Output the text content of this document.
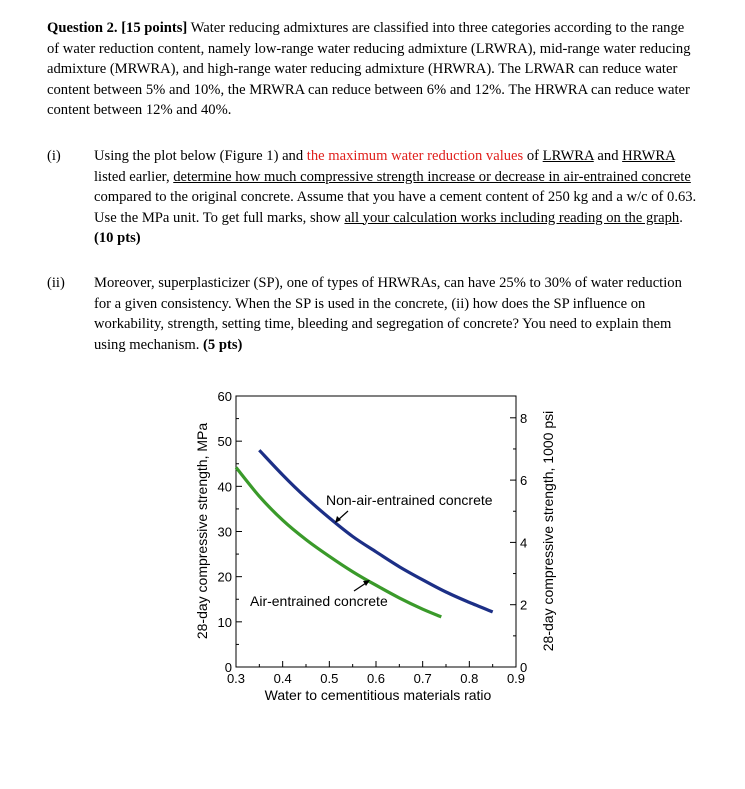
Question 2. [15 points] Water reducing admixtures are classified into three categories according to the range of water reduction content, namely low-range water reducing admixture (LRWRA), mid-range water reducing admixture (MRWRA), and high-range water reducing admixture (HRWRA). The LRWAR can reduce water content between 5% and 10%, the MRWRA can reduce between 6% and 12%. The HRWRA can reduce water content between 12% and 40%.
(i) Using the plot below (Figure 1) and the maximum water reduction values of LRWRA and HRWRA listed earlier, determine how much compressive strength increase or decrease in air-entrained concrete compared to the original concrete. Assume that you have a cement content of 250 kg and a w/c of 0.63. Use the MPa unit. To get full marks, show all your calculation works including reading on the graph. (10 pts)
(ii) Moreover, superplasticizer (SP), one of types of HRWRAs, can have 25% to 30% of water reduction for a given consistency. When the SP is used in the concrete, (ii) how does the SP influence on workability, strength, setting time, bleeding and segregation of concrete? You need to explain them using mechanism. (5 pts)
0
10
20
30
40
50
60
0
2
4
6
8
0.3 0.4 0.5 0.6 0.7 0.8 0.9
Non-air-entrained concrete
Air-entrained concrete
Water to cementitious materials ratio
28-day compressive strength, MPa	28-day compressive strength, 1000 psi
